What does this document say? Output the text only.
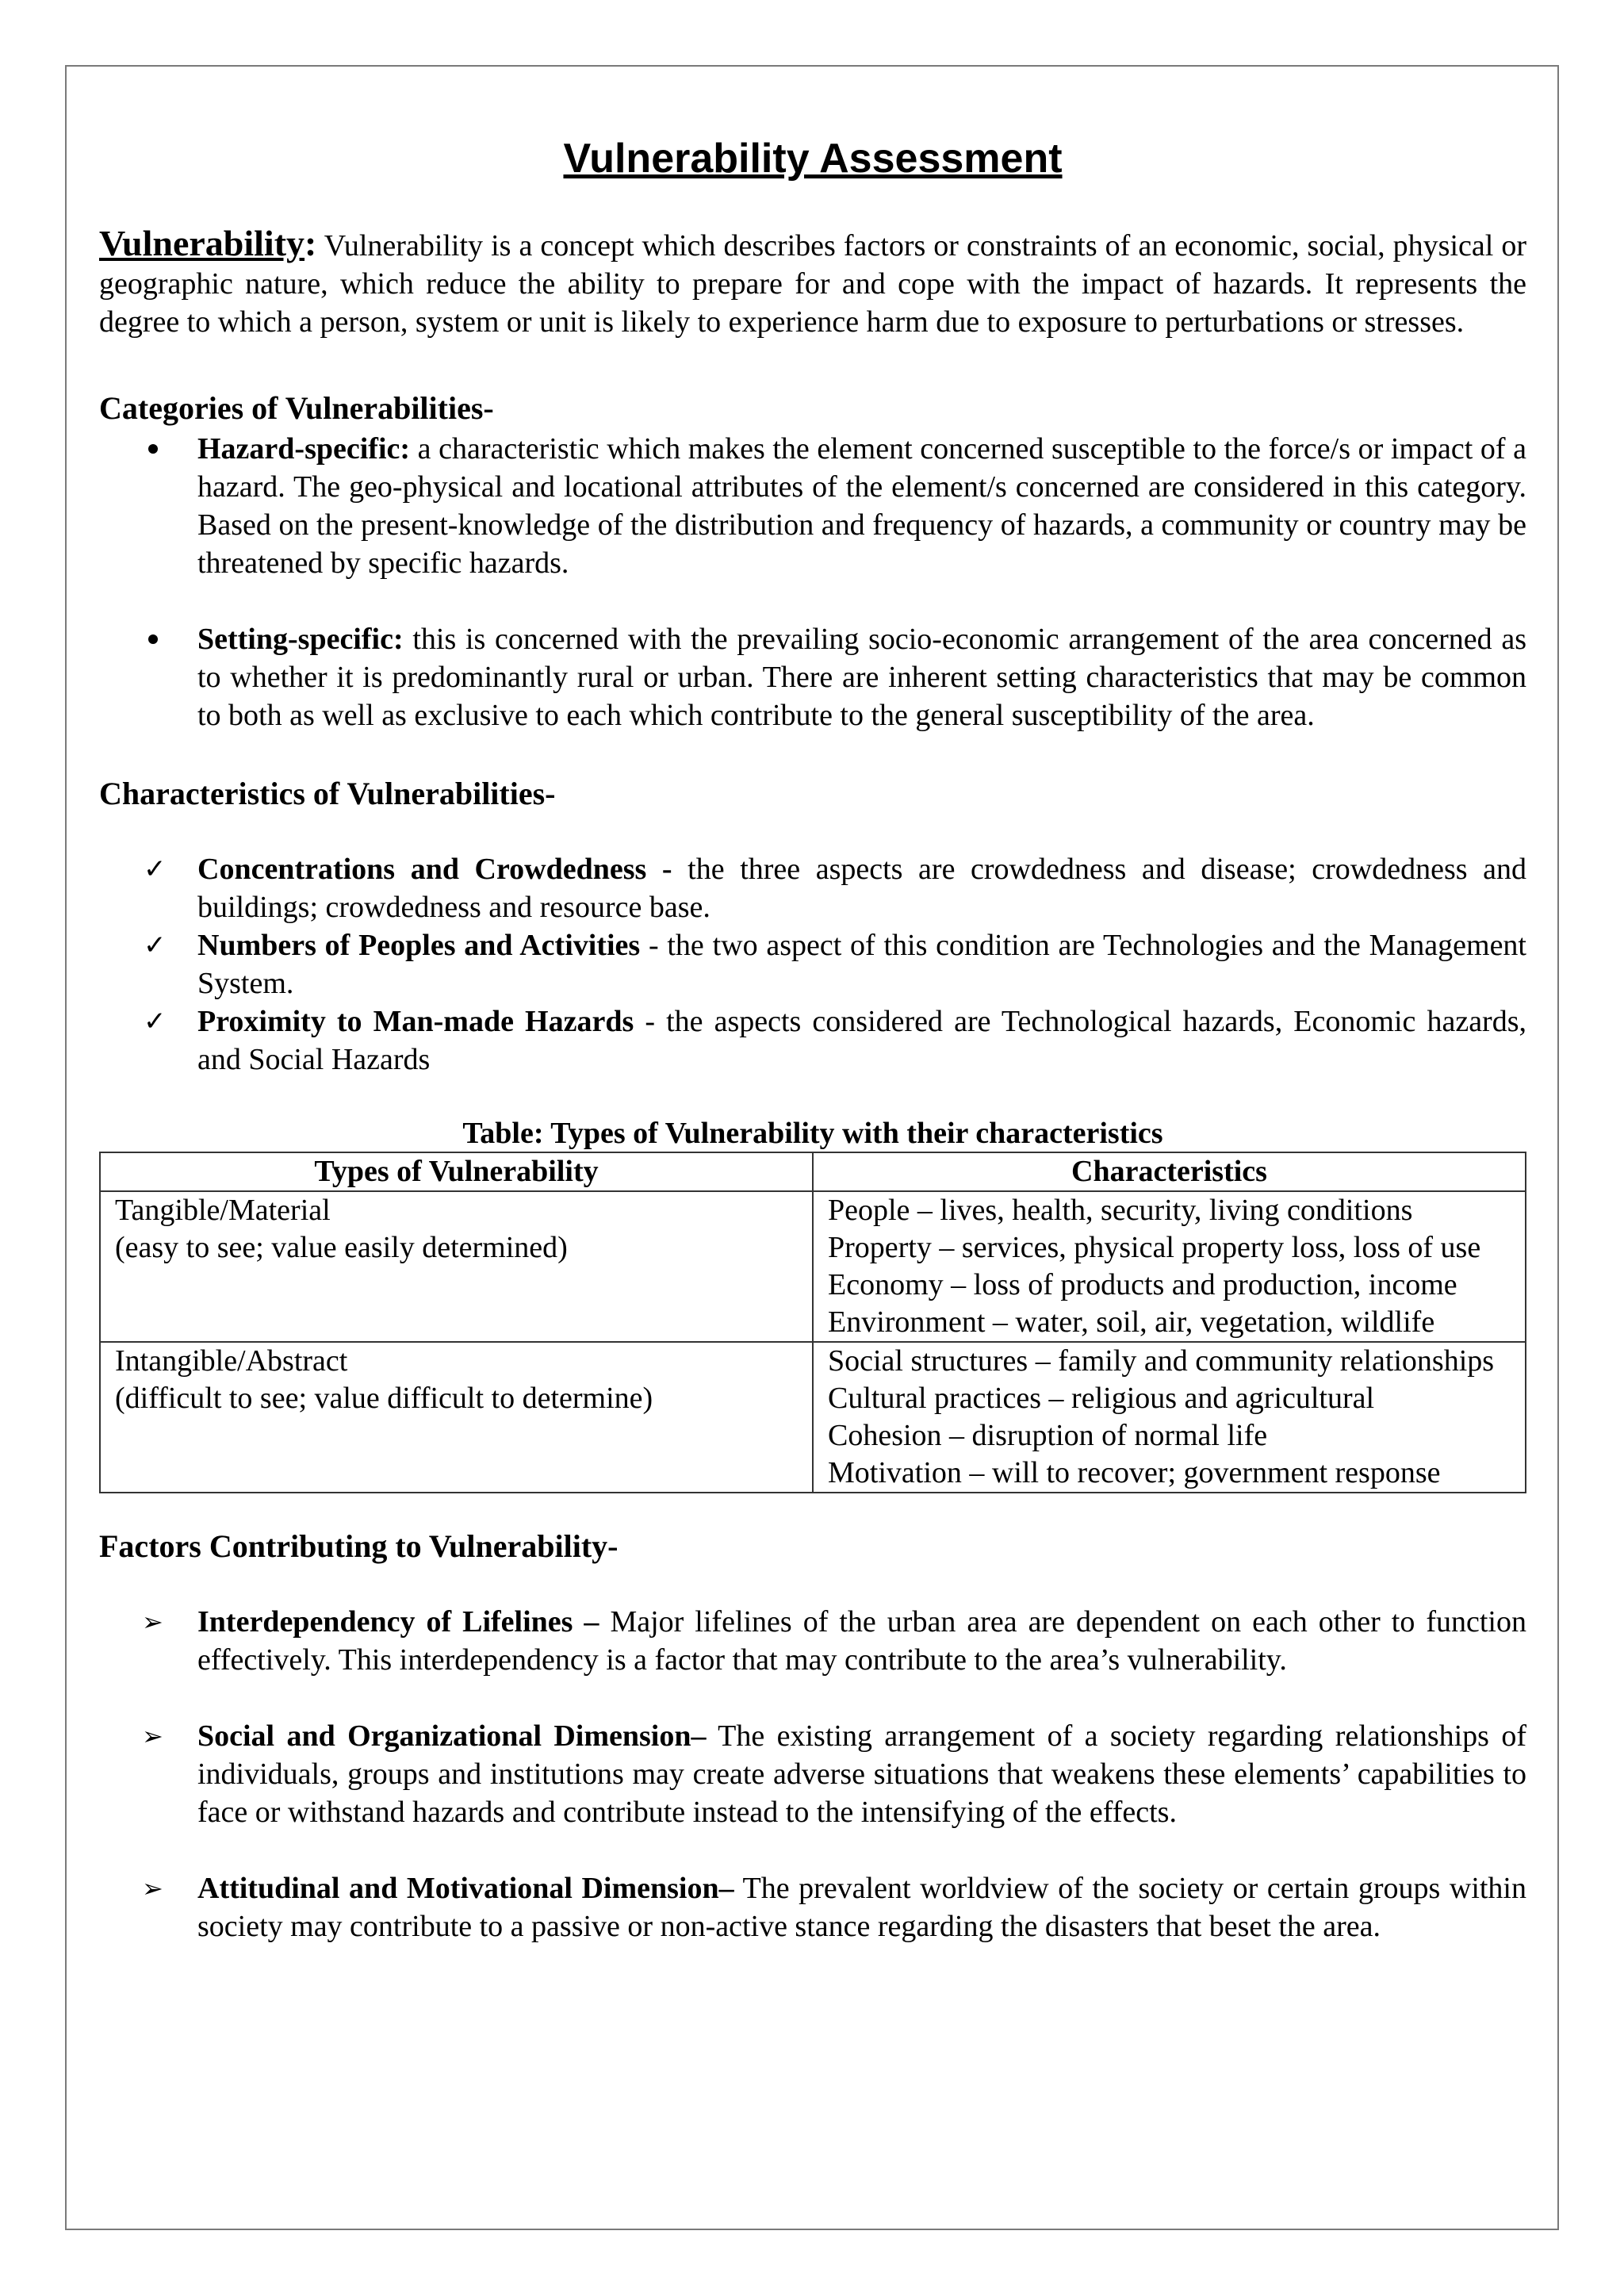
Vulnerability Assessment

Vulnerability: Vulnerability is a concept which describes factors or constraints of an economic, social, physical or geographic nature, which reduce the ability to prepare for and cope with the impact of hazards. It represents the degree to which a person, system or unit is likely to experience harm due to exposure to perturbations or stresses.

Categories of Vulnerabilities-

Hazard-specific: a characteristic which makes the element concerned susceptible to the force/s or impact of a hazard. The geo-physical and locational attributes of the element/s concerned are considered in this category. Based on the present-knowledge of the distribution and frequency of hazards, a community or country may be threatened by specific hazards.

Setting-specific: this is concerned with the prevailing socio-economic arrangement of the area concerned as to whether it is predominantly rural or urban. There are inherent setting characteristics that may be common to both as well as exclusive to each which contribute to the general susceptibility of the area.

Characteristics of Vulnerabilities-
✓ Concentrations and Crowdedness - the three aspects are crowdedness and disease; crowdedness and buildings; crowdedness and resource base.

✓ Numbers of Peoples and Activities - the two aspect of this condition are Technologies and the Management System.

✓ Proximity to Man-made Hazards - the aspects considered are Technological hazards, Economic hazards, and Social Hazards

Table: Types of Vulnerability with their characteristics

Types of Vulnerability	Characteristics

Tangible/Material
(easy to see; value easily determined)	People – lives, health, security, living conditions
Property – services, physical property loss, loss of use
Economy – loss of products and production, income
Environment – water, soil, air, vegetation, wildlife

Intangible/Abstract
(difficult to see; value difficult to determine)	Social structures – family and community relationships
Cultural practices – religious and agricultural
Cohesion – disruption of normal life
Motivation – will to recover; government response
Factors Contributing to Vulnerability-
➢ Interdependency of Lifelines – Major lifelines of the urban area are dependent on each other to function effectively. This interdependency is a factor that may contribute to the area’s vulnerability.

➢ Social and Organizational Dimension– The existing arrangement of a society regarding relationships of individuals, groups and institutions may create adverse situations that weakens these elements’ capabilities to face or withstand hazards and contribute instead to the intensifying of the effects.

➢ Attitudinal and Motivational Dimension– The prevalent worldview of the society or certain groups within society may contribute to a passive or non-active stance regarding the disasters that beset the area.
